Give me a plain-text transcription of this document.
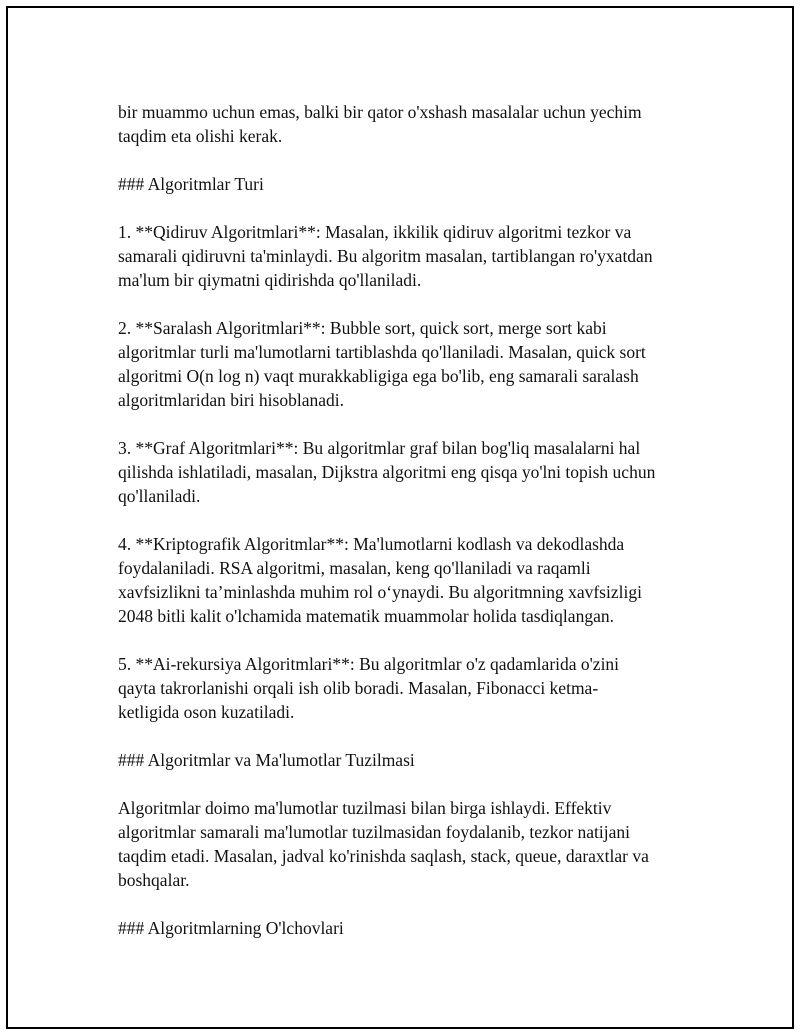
bir muammo uchun emas, balki bir qator o'xshash masalalar uchun yechim
taqdim eta olishi kerak.
### Algoritmlar Turi
1. **Qidiruv Algoritmlari**: Masalan, ikkilik qidiruv algoritmi tezkor va
samarali qidiruvni ta'minlaydi. Bu algoritm masalan, tartiblangan ro'yxatdan
ma'lum bir qiymatni qidirishda qo'llaniladi.
2. **Saralash Algoritmlari**: Bubble sort, quick sort, merge sort kabi
algoritmlar turli ma'lumotlarni tartiblashda qo'llaniladi. Masalan, quick sort
algoritmi O(n log n) vaqt murakkabligiga ega bo'lib, eng samarali saralash
algoritmlaridan biri hisoblanadi.
3. **Graf Algoritmlari**: Bu algoritmlar graf bilan bog'liq masalalarni hal
qilishda ishlatiladi, masalan, Dijkstra algoritmi eng qisqa yo'lni topish uchun
qo'llaniladi.
4. **Kriptografik Algoritmlar**: Ma'lumotlarni kodlash va dekodlashda
foydalaniladi. RSA algoritmi, masalan, keng qo'llaniladi va raqamli
xavfsizlikni ta’minlashda muhim rol o‘ynaydi. Bu algoritmning xavfsizligi
2048 bitli kalit o'lchamida matematik muammolar holida tasdiqlangan.
5. **Ai-rekursiya Algoritmlari**: Bu algoritmlar o'z qadamlarida o'zini
qayta takrorlanishi orqali ish olib boradi. Masalan, Fibonacci ketma-
ketligida oson kuzatiladi.
### Algoritmlar va Ma'lumotlar Tuzilmasi
Algoritmlar doimo ma'lumotlar tuzilmasi bilan birga ishlaydi. Effektiv
algoritmlar samarali ma'lumotlar tuzilmasidan foydalanib, tezkor natijani
taqdim etadi. Masalan, jadval ko'rinishda saqlash, stack, queue, daraxtlar va
boshqalar.
### Algoritmlarning O'lchovlari
